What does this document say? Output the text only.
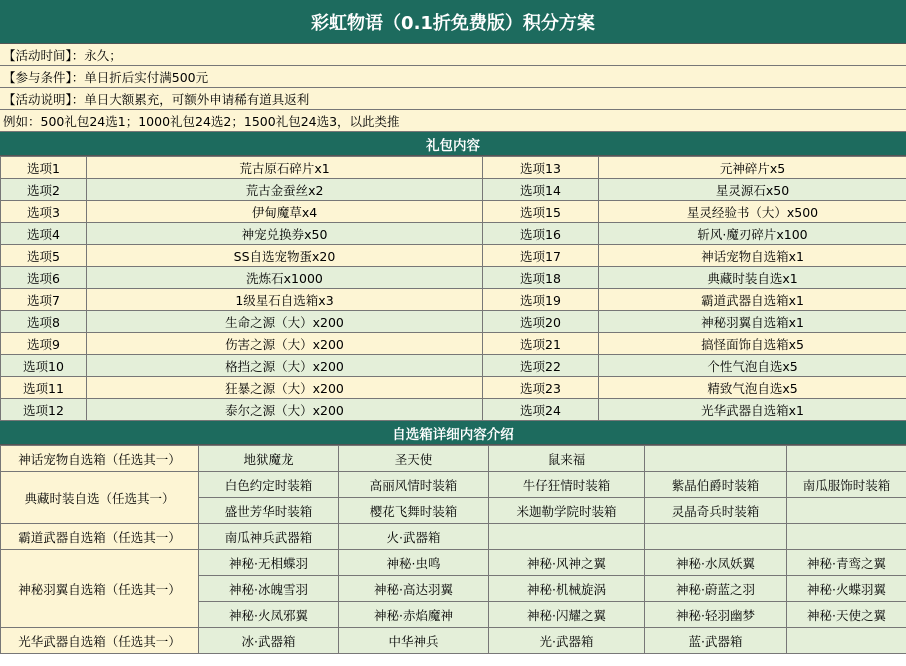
彩虹物语（0.1折免费版）积分方案
【活动时间】：永久；
【参与条件】：单日折后实付满500元
【活动说明】：单日大额累充，可额外申请稀有道具返利
例如：500礼包24选1；1000礼包24选2；1500礼包24选3，以此类推
礼包内容
选项1	荒古原石碎片x1	选项13	元神碎片x5
选项2	荒古金蚕丝x2	选项14	星灵源石x50
选项3	伊甸魔草x4	选项15	星灵经验书（大）x500
选项4	神宠兑换券x50	选项16	斩风·魔刃碎片x100
选项5	SS自选宠物蛋x20	选项17	神话宠物自选箱x1
选项6	洗炼石x1000	选项18	典藏时装自选x1
选项7	1级星石自选箱x3	选项19	霸道武器自选箱x1
选项8	生命之源（大）x200	选项20	神秘羽翼自选箱x1
选项9	伤害之源（大）x200	选项21	搞怪面饰自选箱x5
选项10	格挡之源（大）x200	选项22	个性气泡自选x5
选项11	狂暴之源（大）x200	选项23	精致气泡自选x5
选项12	泰尔之源（大）x200	选项24	光华武器自选箱x1
自选箱详细内容介绍
神话宠物自选箱（任选其一）	地狱魔龙	圣天使	鼠来福		
典藏时装自选（任选其一）	白色约定时装箱	高丽风情时装箱	牛仔狂情时装箱	紫晶伯爵时装箱	南瓜服饰时装箱
	盛世芳华时装箱	樱花飞舞时装箱	米迦勒学院时装箱	灵晶奇兵时装箱	
霸道武器自选箱（任选其一）	南瓜神兵武器箱	火·武器箱			
神秘羽翼自选箱（任选其一）	神秘·无相蝶羽	神秘·虫鸣	神秘·风神之翼	神秘·水凤妖翼	神秘·青鸾之翼
	神秘·冰魄雪羽	神秘·高达羽翼	神秘·机械旋涡	神秘·蔚蓝之羽	神秘·火蝶羽翼
	神秘·火凤邪翼	神秘·赤焰魔神	神秘·闪耀之翼	神秘·轻羽幽梦	神秘·天使之翼
光华武器自选箱（任选其一）	冰·武器箱	中华神兵	光·武器箱	蓝·武器箱	
